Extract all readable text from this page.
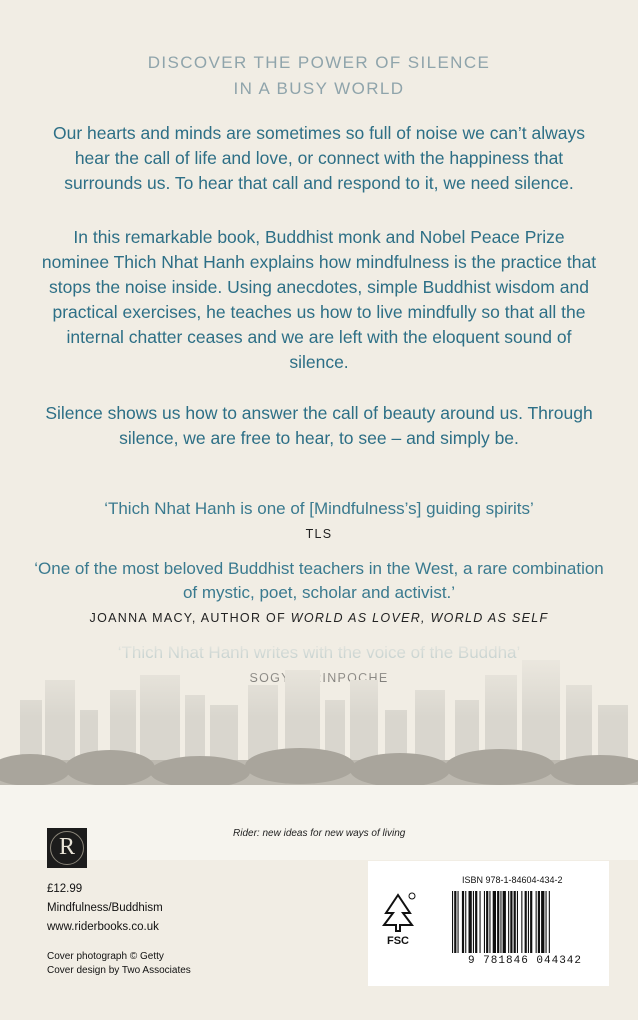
DISCOVER THE POWER OF SILENCE
IN A BUSY WORLD

Our hearts and minds are sometimes so full of noise we can’t always hear the call of life and love, or connect with the happiness that surrounds us. To hear that call and respond to it, we need silence.

In this remarkable book, Buddhist monk and Nobel Peace Prize nominee Thich Nhat Hanh explains how mindfulness is the practice that stops the noise inside. Using anecdotes, simple Buddhist wisdom and practical exercises, he teaches us how to live mindfully so that all the internal chatter ceases and we are left with the eloquent sound of silence.

Silence shows us how to answer the call of beauty around us. Through silence, we are free to hear, to see – and simply be.

‘Thich Nhat Hanh is one of [Mindfulness’s] guiding spirits’

TLS

‘One of the most beloved Buddhist teachers in the West, a rare combination of mystic, poet, scholar and activist.’

JOANNA MACY, AUTHOR OF WORLD AS LOVER, WORLD AS SELF

Rider: new ideas for new ways of living
R
£12.99
Mindfulness/Buddhism
www.riderbooks.co.uk
Cover photograph © Getty
Cover design by Two Associates
FSC
ISBN 978-1-84604-434-2
9 781846 044342
